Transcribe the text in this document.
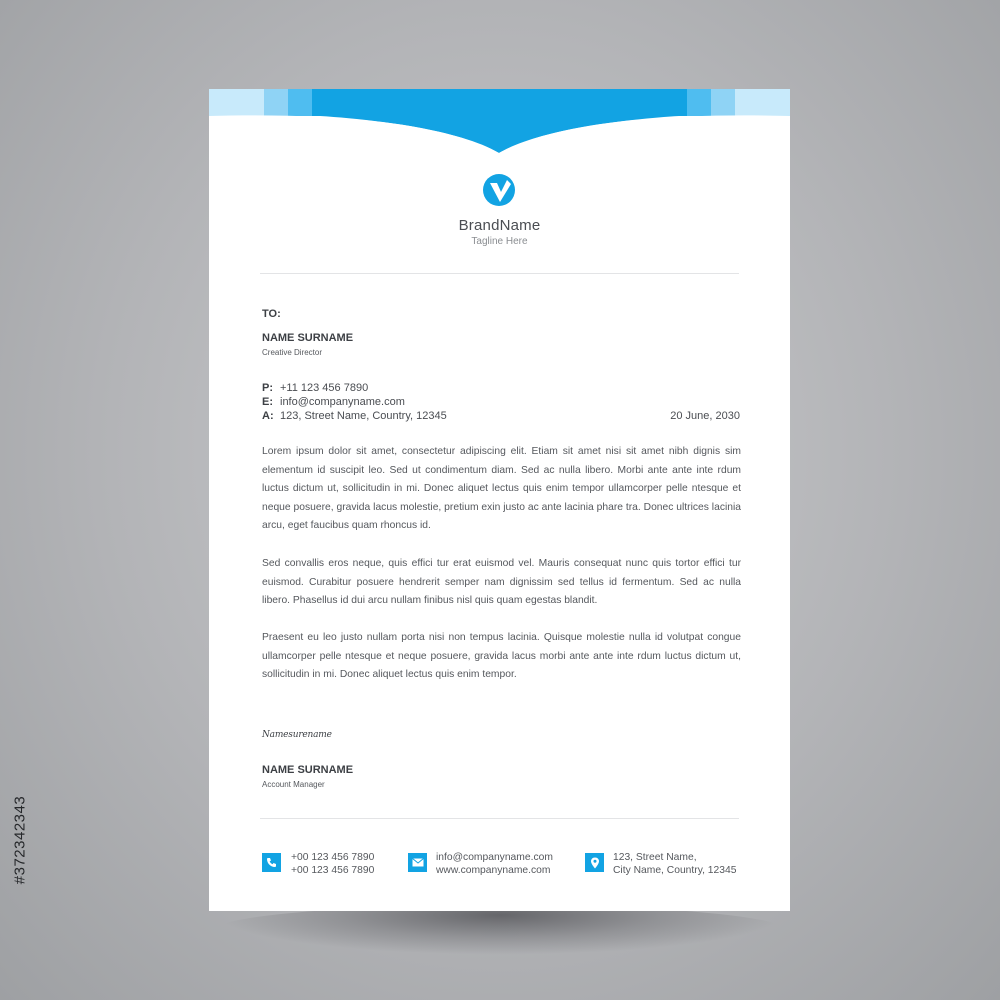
BrandName
Tagline Here
TO:
NAME SURNAME
Creative Director
P: +11 123 456 7890
E: info@companyname.com
A: 123, Street Name, Country, 12345	20 June, 2030

Lorem ipsum dolor sit amet, consectetur adipiscing elit. Etiam sit amet nisi sit amet nibh dignis sim elementum id suscipit leo. Sed ut condimentum diam. Sed ac nulla libero. Morbi ante ante inte rdum luctus dictum ut, sollicitudin in mi. Donec aliquet lectus quis enim tempor ullamcorper pelle ntesque et neque posuere, gravida lacus molestie, pretium exin justo ac ante lacinia phare tra. Donec ultrices lacinia arcu, eget faucibus quam rhoncus id.

Sed convallis eros neque, quis effici tur erat euismod vel. Mauris consequat nunc quis tortor effici tur euismod. Curabitur posuere hendrerit semper nam dignissim sed tellus id fermentum. Sed ac nulla libero. Phasellus id dui arcu nullam finibus nisl quis quam egestas blandit.

Praesent eu leo justo nullam porta nisi non tempus lacinia. Quisque molestie nulla id volutpat congue ullamcorper pelle ntesque et neque posuere, gravida lacus morbi ante ante inte rdum luctus dictum ut, sollicitudin in mi. Donec aliquet lectus quis enim tempor.

Namesurename
NAME SURNAME
Account Manager
+00 123 456 7890
+00 123 456 7890
info@companyname.com
www.companyname.com
123, Street Name,
City Name, Country, 12345
#372342343
